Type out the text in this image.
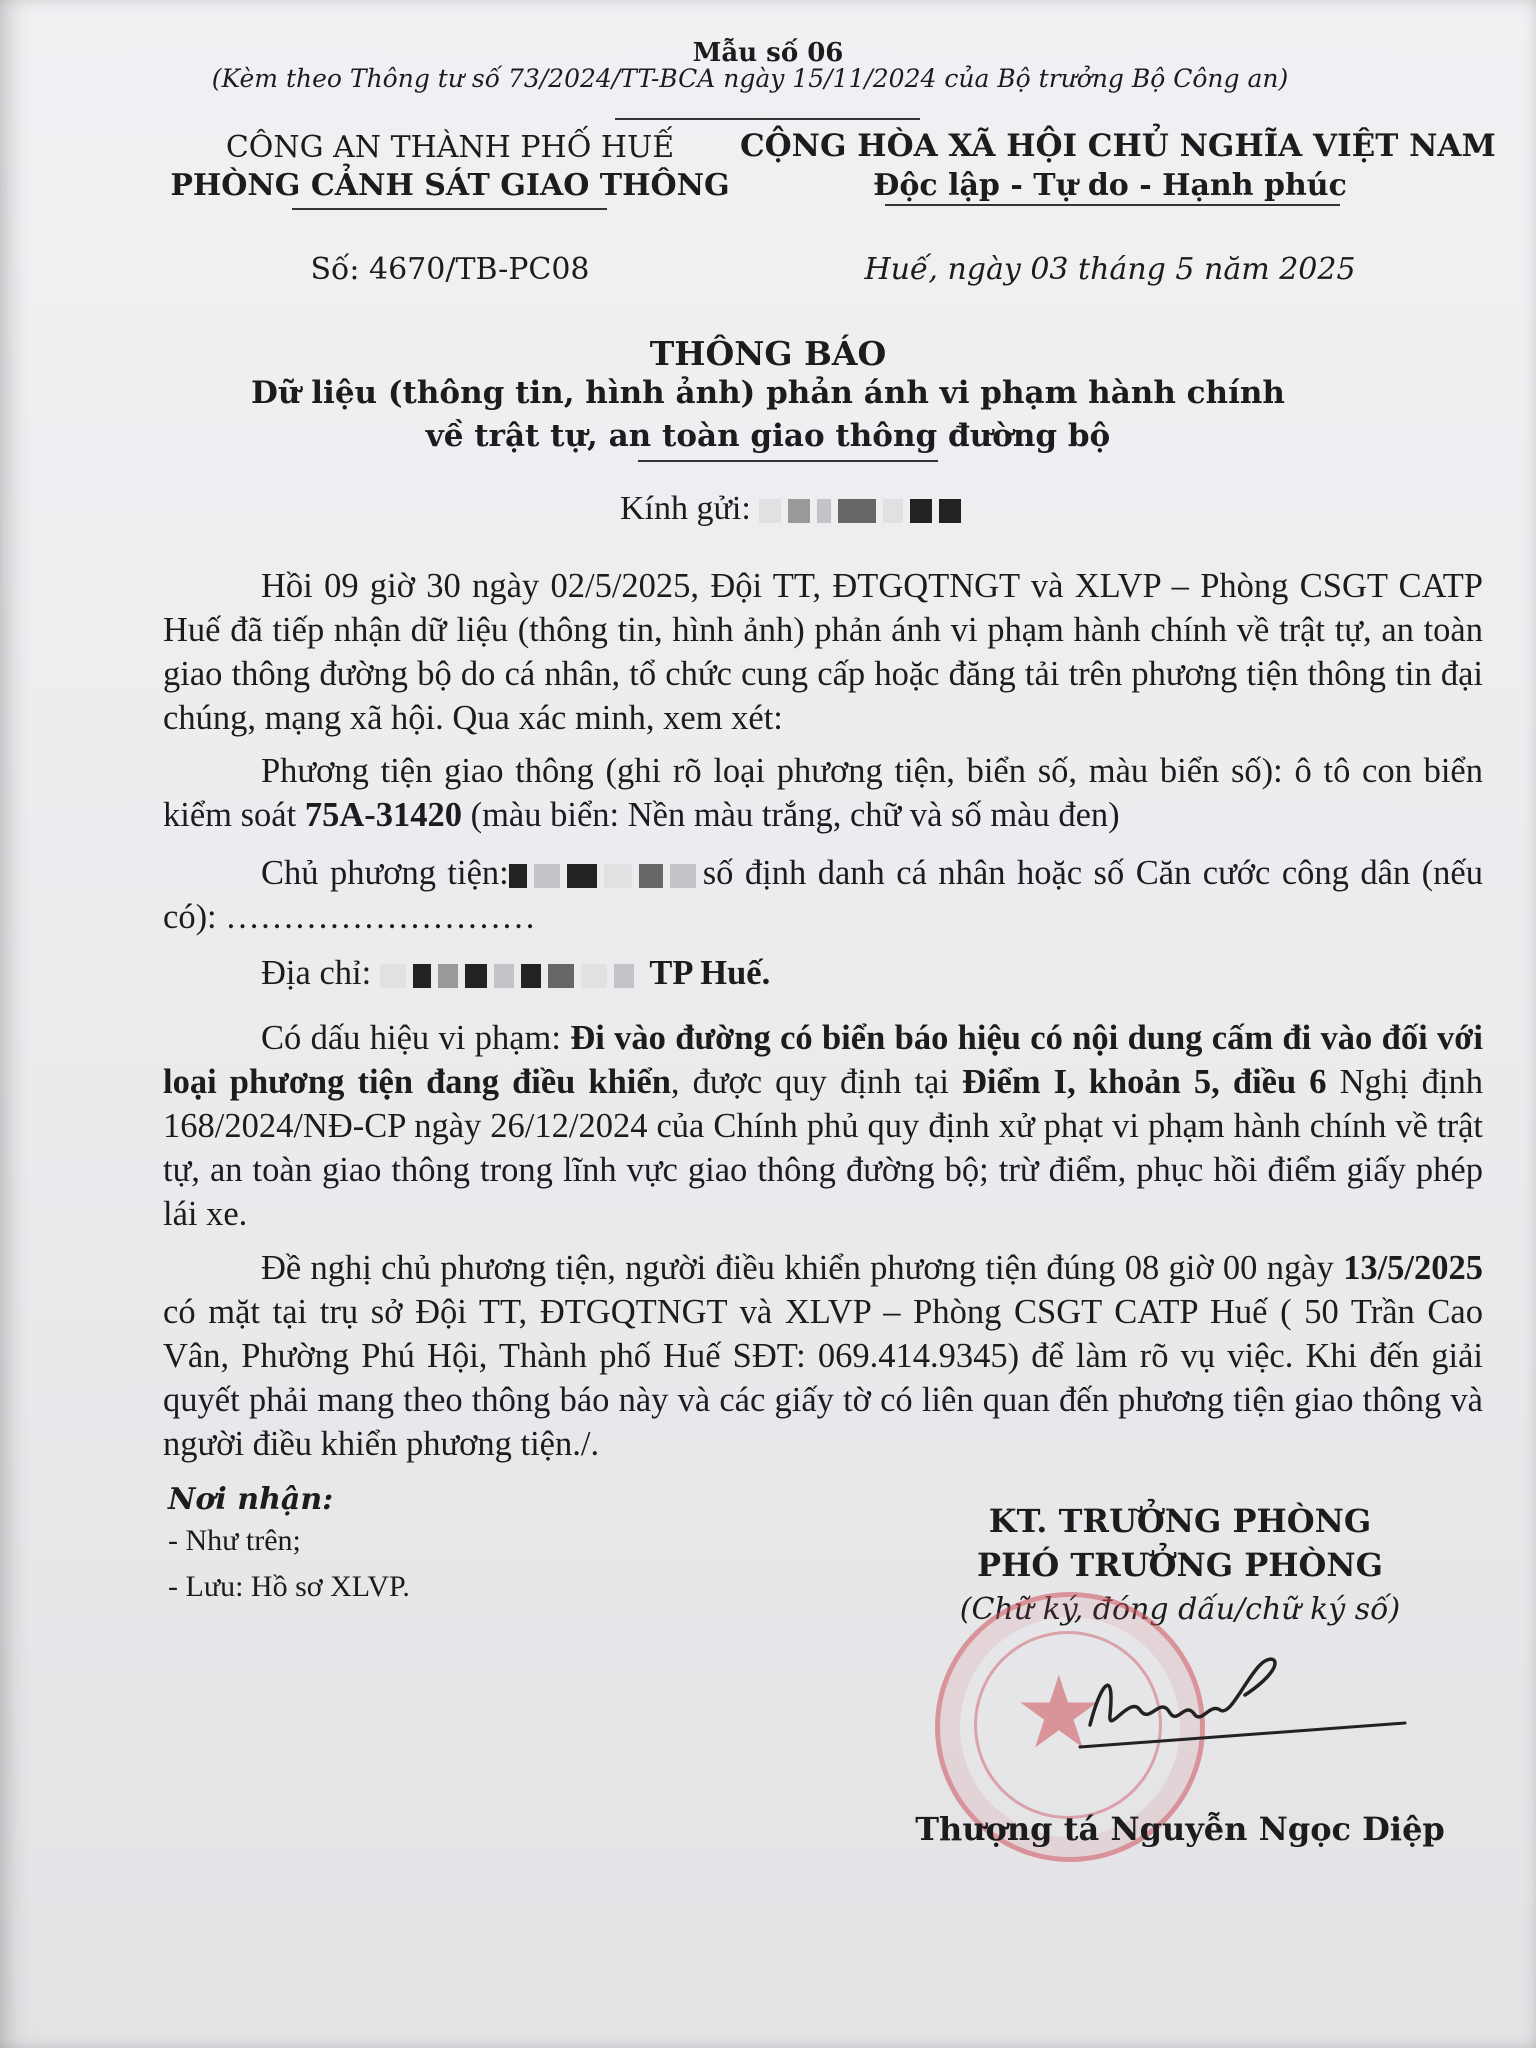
Mẫu số 06
(Kèm theo Thông tư số 73/2024/TT-BCA ngày 15/11/2024 của Bộ trưởng Bộ Công an)
CÔNG AN THÀNH PHỐ HUẾ
PHÒNG CẢNH SÁT GIAO THÔNG
Số: 4670/TB-PC08
CỘNG HÒA XÃ HỘI CHỦ NGHĨA VIỆT NAM
Độc lập - Tự do - Hạnh phúc
Huế, ngày 03 tháng 5 năm 2025
THÔNG BÁO
Dữ liệu (thông tin, hình ảnh) phản ánh vi phạm hành chính
về trật tự, an toàn giao thông đường bộ
Kính gửi:
Hồi 09 giờ 30 ngày 02/5/2025, Đội TT, ĐTGQTNGT và XLVP – Phòng CSGT CATP Huế đã tiếp nhận dữ liệu (thông tin, hình ảnh) phản ánh vi phạm hành chính về trật tự, an toàn giao thông đường bộ do cá nhân, tổ chức cung cấp hoặc đăng tải trên phương tiện thông tin đại chúng, mạng xã hội. Qua xác minh, xem xét:
Phương tiện giao thông (ghi rõ loại phương tiện, biển số, màu biển số): ô tô con biển kiểm soát 75A-31420 (màu biển: Nền màu trắng, chữ và số màu đen)
Chủ phương tiện:	số định danh cá nhân hoặc số Căn cước công dân (nếu có): ………………………
Địa chỉ:	TP Huế.
Có dấu hiệu vi phạm: Đi vào đường có biển báo hiệu có nội dung cấm đi vào đối với loại phương tiện đang điều khiển, được quy định tại Điểm I, khoản 5, điều 6 Nghị định 168/2024/NĐ-CP ngày 26/12/2024 của Chính phủ quy định xử phạt vi phạm hành chính về trật tự, an toàn giao thông trong lĩnh vực giao thông đường bộ; trừ điểm, phục hồi điểm giấy phép lái xe.
Đề nghị chủ phương tiện, người điều khiển phương tiện đúng 08 giờ 00 ngày 13/5/2025 có mặt tại trụ sở Đội TT, ĐTGQTNGT và XLVP – Phòng CSGT CATP Huế ( 50 Trần Cao Vân, Phường Phú Hội, Thành phố Huế SĐT: 069.414.9345) để làm rõ vụ việc. Khi đến giải quyết phải mang theo thông báo này và các giấy tờ có liên quan đến phương tiện giao thông và người điều khiển phương tiện./.
Nơi nhận:
- Như trên;
- Lưu: Hồ sơ XLVP.
KT. TRƯỞNG PHÒNG
PHÓ TRƯỞNG PHÒNG
(Chữ ký, đóng dấu/chữ ký số)
★
Thượng tá Nguyễn Ngọc Diệp
